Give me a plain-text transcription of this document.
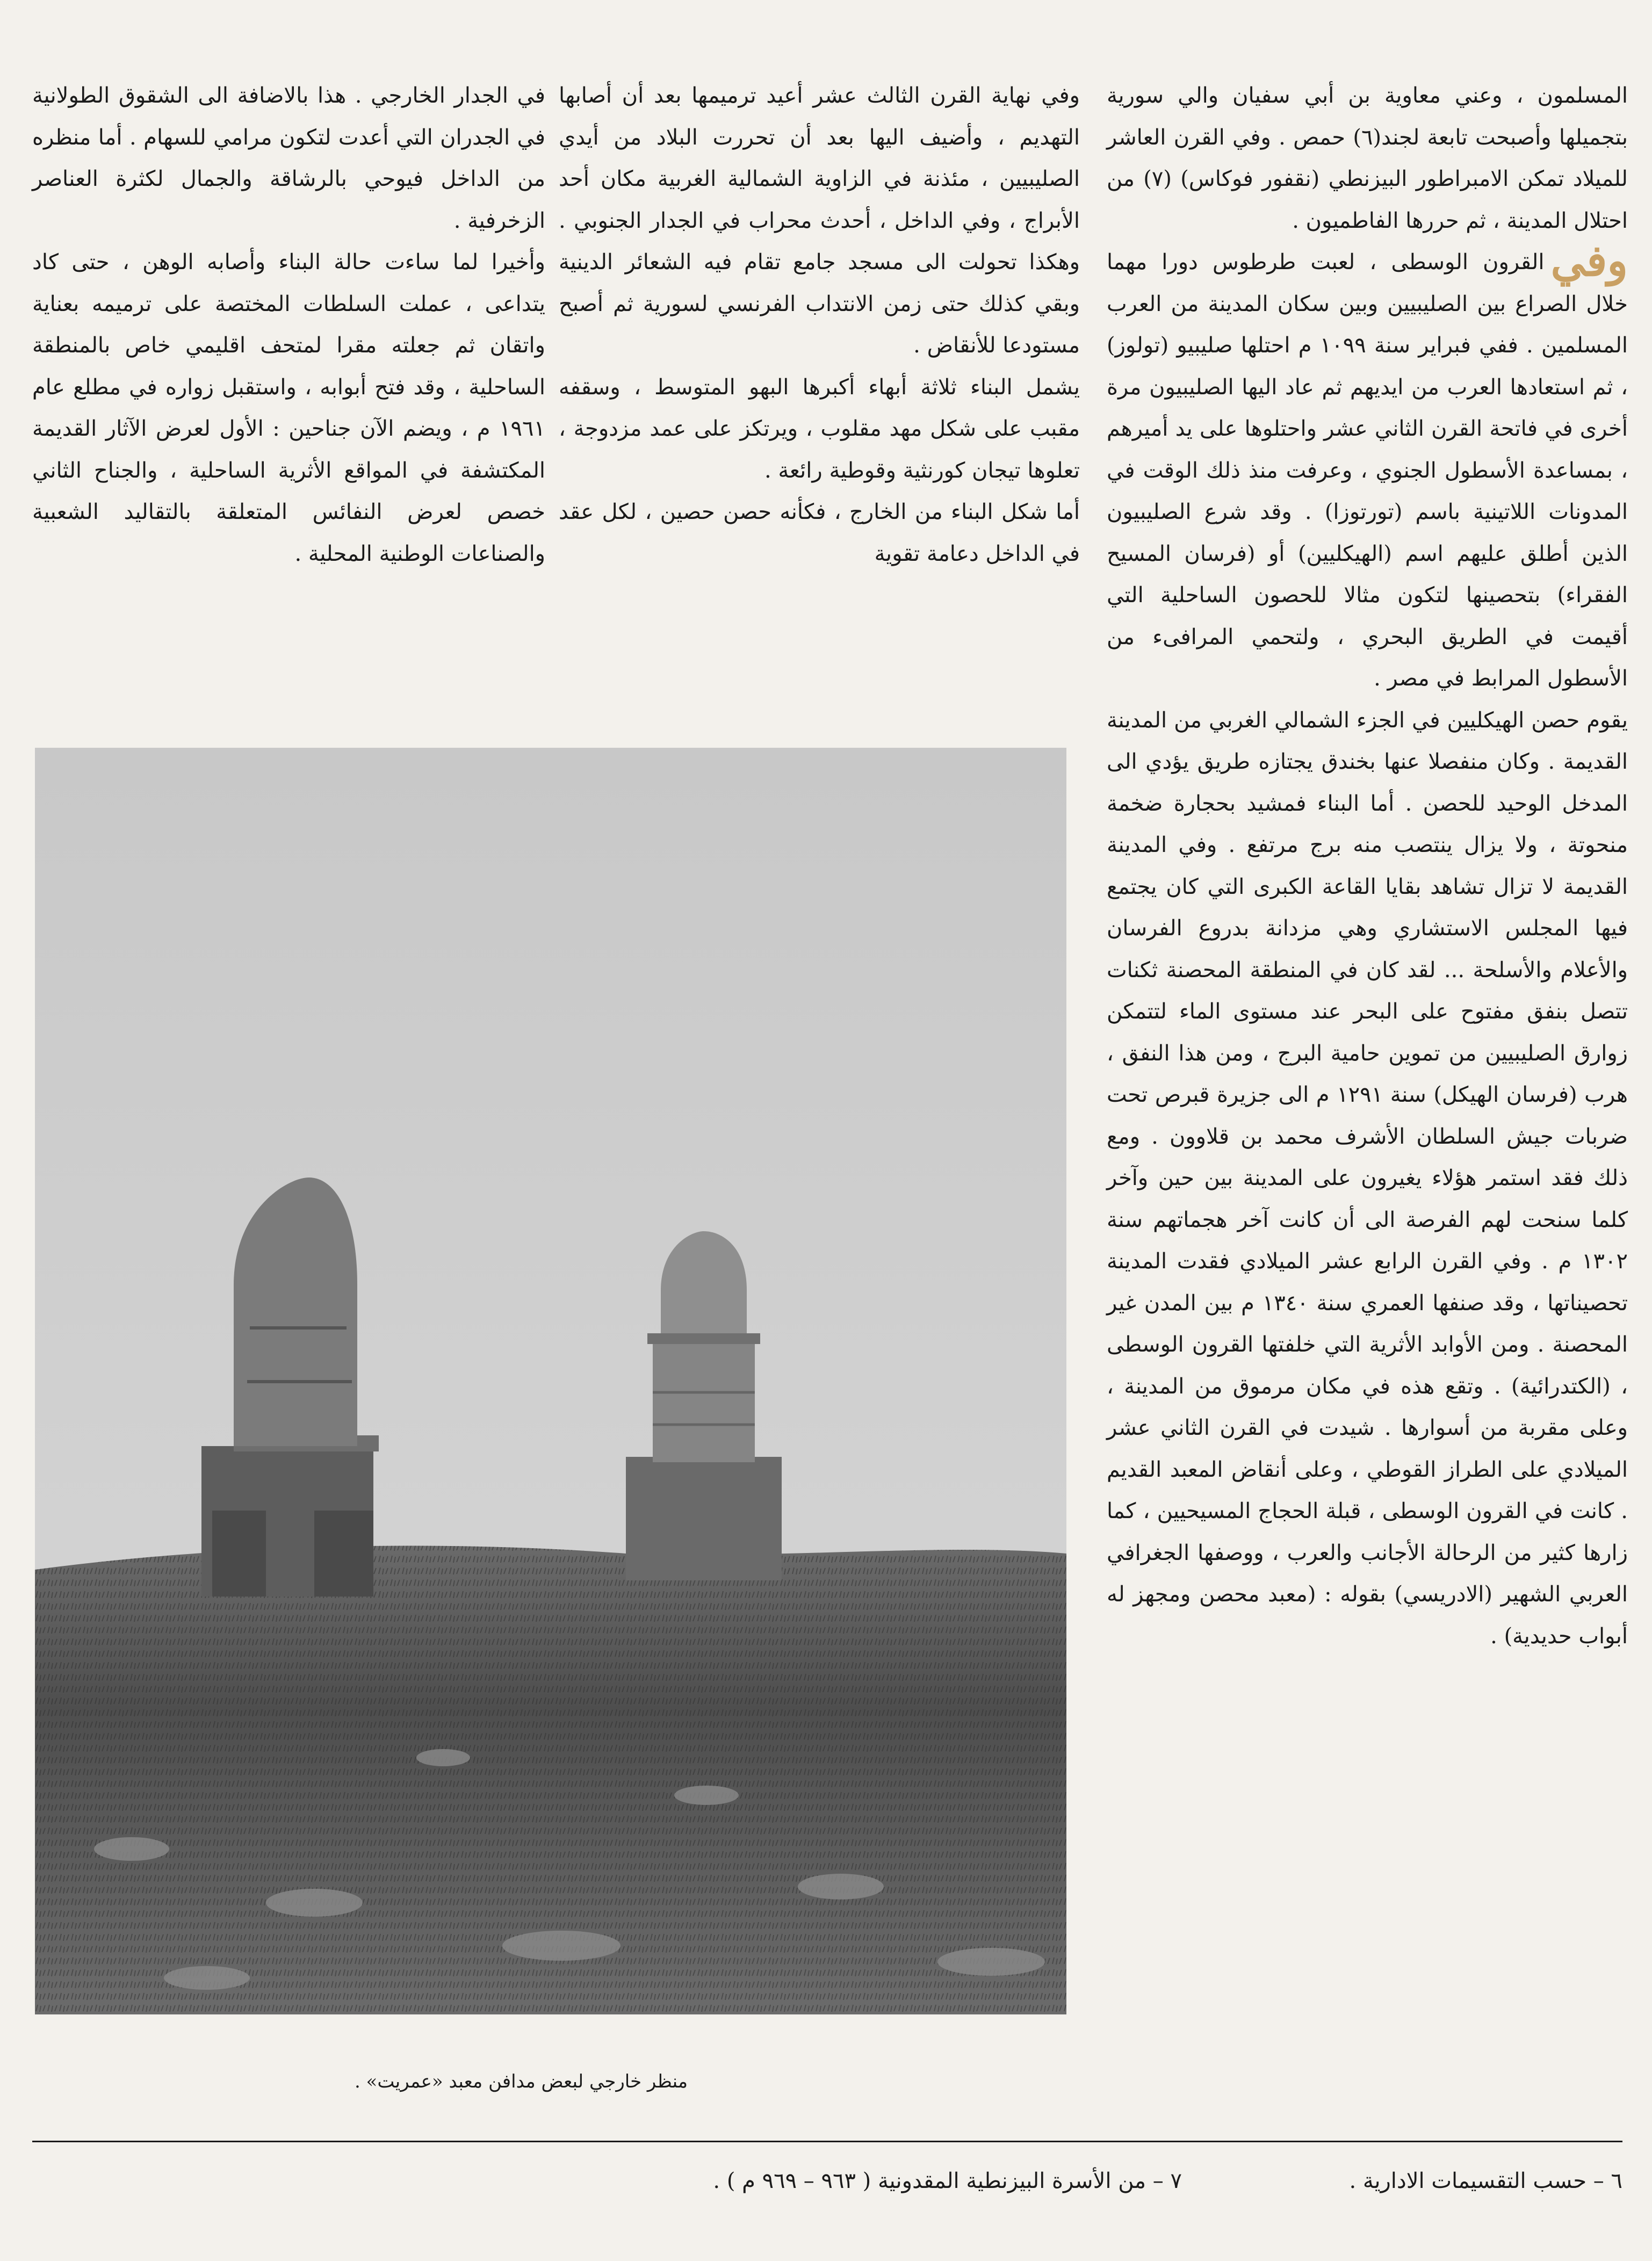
المسلمون ، وعني معاوية بن أبي سفيان والي سورية بتجميلها وأصبحت تابعة لجند(٦) حمص . وفي القرن العاشر للميلاد تمكن الامبراطور البيزنطي (نقفور فوكاس) (٧) من احتلال المدينة ، ثم حررها الفاطميون .

وفيالقرون الوسطى ، لعبت طرطوس دورا مهما خلال الصراع بين الصليبيين وبين سكان المدينة من العرب المسلمين . ففي فبراير سنة ١٠٩٩ م احتلها صليبيو (تولوز) ، ثم استعادها العرب من ايديهم ثم عاد اليها الصليبيون مرة أخرى في فاتحة القرن الثاني عشر واحتلوها على يد أميرهم ، بمساعدة الأسطول الجنوي ، وعرفت منذ ذلك الوقت في المدونات اللاتينية باسم (تورتوزا) . وقد شرع الصليبيون الذين أطلق عليهم اسم (الهيكليين) أو (فرسان المسيح الفقراء) بتحصينها لتكون مثالا للحصون الساحلية التي أقيمت في الطريق البحري ، ولتحمي المرافىء من الأسطول المرابط في مصر .

يقوم حصن الهيكليين في الجزء الشمالي الغربي من المدينة القديمة . وكان منفصلا عنها بخندق يجتازه طريق يؤدي الى المدخل الوحيد للحصن . أما البناء فمشيد بحجارة ضخمة منحوتة ، ولا يزال ينتصب منه برج مرتفع . وفي المدينة القديمة لا تزال تشاهد بقايا القاعة الكبرى التي كان يجتمع فيها المجلس الاستشاري وهي مزدانة بدروع الفرسان والأعلام والأسلحة ... لقد كان في المنطقة المحصنة ثكنات تتصل بنفق مفتوح على البحر عند مستوى الماء لتتمكن زوارق الصليبيين من تموين حامية البرج ، ومن هذا النفق ، هرب (فرسان الهيكل) سنة ١٢٩١ م الى جزيرة قبرص تحت ضربات جيش السلطان الأشرف محمد بن قلاوون . ومع ذلك فقد استمر هؤلاء يغيرون على المدينة بين حين وآخر كلما سنحت لهم الفرصة الى أن كانت آخر هجماتهم سنة ١٣٠٢ م . وفي القرن الرابع عشر الميلادي فقدت المدينة تحصيناتها ، وقد صنفها العمري سنة ١٣٤٠ م بين المدن غير المحصنة . ومن الأوابد الأثرية التي خلفتها القرون الوسطى ، (الكتدرائية) . وتقع هذه في مكان مرموق من المدينة ، وعلى مقربة من أسوارها . شيدت في القرن الثاني عشر الميلادي على الطراز القوطي ، وعلى أنقاض المعبد القديم . كانت في القرون الوسطى ، قبلة الحجاج المسيحيين ، كما زارها كثير من الرحالة الأجانب والعرب ، ووصفها الجغرافي العربي الشهير (الادريسي) بقوله : (معبد محصن ومجهز له أبواب حديدية) .

وفي نهاية القرن الثالث عشر أعيد ترميمها بعد أن أصابها التهديم ، وأضيف اليها بعد أن تحررت البلاد من أيدي الصليبيين ، مئذنة في الزاوية الشمالية الغربية مكان أحد الأبراج ، وفي الداخل ، أحدث محراب في الجدار الجنوبي . وهكذا تحولت الى مسجد جامع تقام فيه الشعائر الدينية وبقي كذلك حتى زمن الانتداب الفرنسي لسورية ثم أصبح مستودعا للأنقاض .

يشمل البناء ثلاثة أبهاء أكبرها البهو المتوسط ، وسقفه مقبب على شكل مهد مقلوب ، ويرتكز على عمد مزدوجة ، تعلوها تيجان كورنثية وقوطية رائعة .

أما شكل البناء من الخارج ، فكأنه حصن حصين ، لكل عقد في الداخل دعامة تقوية

في الجدار الخارجي . هذا بالاضافة الى الشقوق الطولانية في الجدران التي أعدت لتكون مرامي للسهام . أما منظره من الداخل فيوحي بالرشاقة والجمال لكثرة العناصر الزخرفية .

وأخيرا لما ساءت حالة البناء وأصابه الوهن ، حتى كاد يتداعى ، عملت السلطات المختصة على ترميمه بعناية واتقان ثم جعلته مقرا لمتحف اقليمي خاص بالمنطقة الساحلية ، وقد فتح أبوابه ، واستقبل زواره في مطلع عام ١٩٦١ م ، ويضم الآن جناحين : الأول لعرض الآثار القديمة المكتشفة في المواقع الأثرية الساحلية ، والجناح الثاني خصص لعرض النفائس المتعلقة بالتقاليد الشعبية والصناعات الوطنية المحلية .

منظر خارجي لبعض مدافن معبد «عمريت» .
٦ – حسب التقسيمات الادارية .
٧ – من الأسرة البيزنطية المقدونية ( ٩٦٣ – ٩٦٩ م ) .
